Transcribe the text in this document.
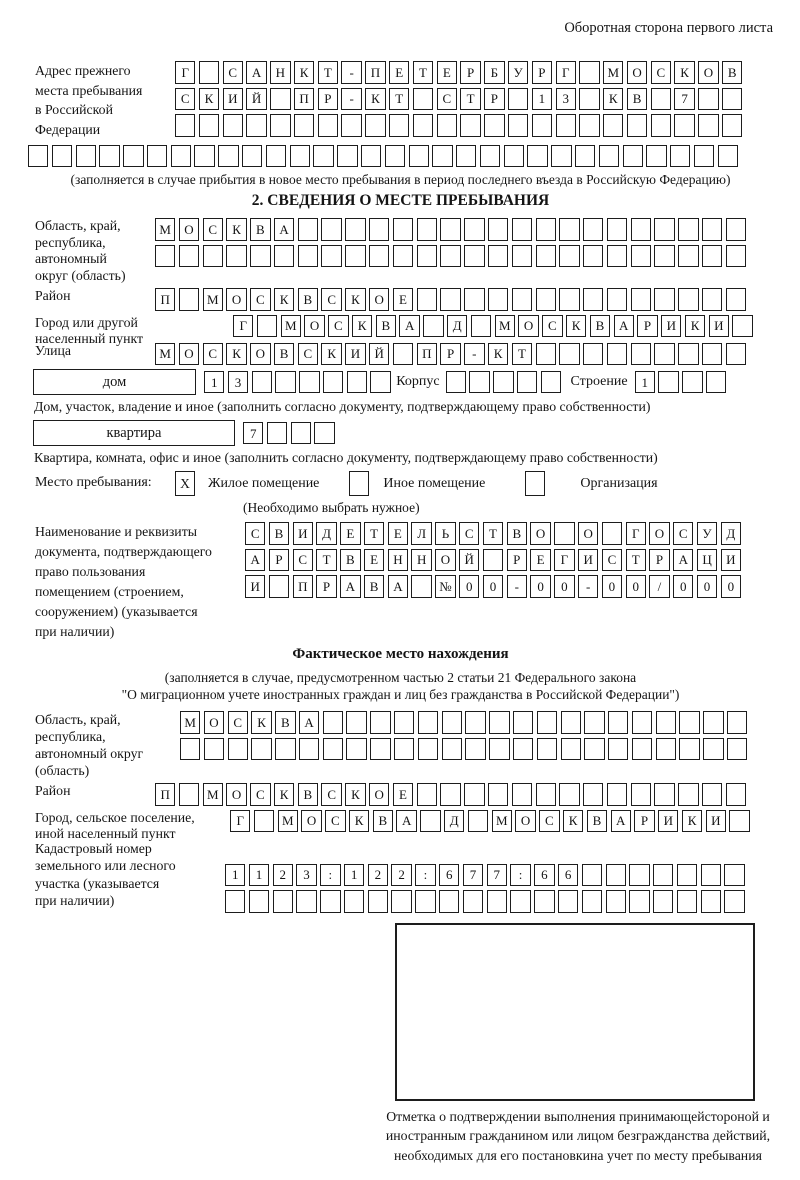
Оборотная сторона первого листа
Адрес прежнего
места пребывания
в Российской
Федерации
Г	С	А	Н	К	Т	-	П	Е	Т	Е	Р	Б	У	Р	Г	М	О	С	К	О	В
С	К	И	Й	П	Р	-	К	Т	С	Т	Р	1	3	К	В	7
(заполняется в случае прибытия в новое место пребывания в период последнего въезда в Российскую Федерацию)
2. СВЕДЕНИЯ О МЕСТЕ ПРЕБЫВАНИЯ
Область, край,
республика,
автономный
округ (область)
М	О	С	К	В	А
Район	П	М	О	С	К	В	С	К	О	Е
Город или другой
населенный пункт
Г	М	О	С	К	В	А	Д	М	О	С	К	В	А	Р	И	К	И
Улица	М	О	С	К	О	В	С	К	И	Й	П	Р	-	К	Т
дом	1	3	Корпус	Строение	1
Дом, участок, владение и иное (заполнить согласно документу, подтверждающему право собственности)
квартира	7
Квартира, комната, офис и иное (заполнить согласно документу, подтверждающему право собственности)
Место пребывания:	X	Жилое помещение	Иное помещение	Организация
(Необходимо выбрать нужное)
Наименование и реквизиты
документа, подтверждающего
право пользования
помещением (строением,
сооружением) (указывается
при наличии)
С	В	И	Д	Е	Т	Е	Л	Ь	С	Т	В	О	О	Г	О	С	У	Д
А	Р	С	Т	В	Е	Н	Н	О	Й	Р	Е	Г	И	С	Т	Р	А	Ц	И
И	П	Р	А	В	А	№	0	0	-	0	0	-	0	0	/	0	0	0
Фактическое место нахождения
(заполняется в случае, предусмотренном частью 2 статьи 21 Федерального закона
"О миграционном учете иностранных граждан и лиц без гражданства в Российской Федерации")
Область, край,
республика,
автономный округ
(область)
М	О	С	К	В	А
Район	П	М	О	С	К	В	С	К	О	Е
Город, сельское поселение,
иной населенный пункт
Г	М	О	С	К	В	А	Д	М	О	С	К	В	А	Р	И	К	И
Кадастровый номер
земельного или лесного
участка (указывается
при наличии)
1	1	2	3	:	1	2	2	:	6	7	7	:	6	6
Отметка о подтверждении выполнения принимающейстороной и иностранным гражданином или лицом безгражданства действий, необходимых для его постановкина учет по месту пребывания
